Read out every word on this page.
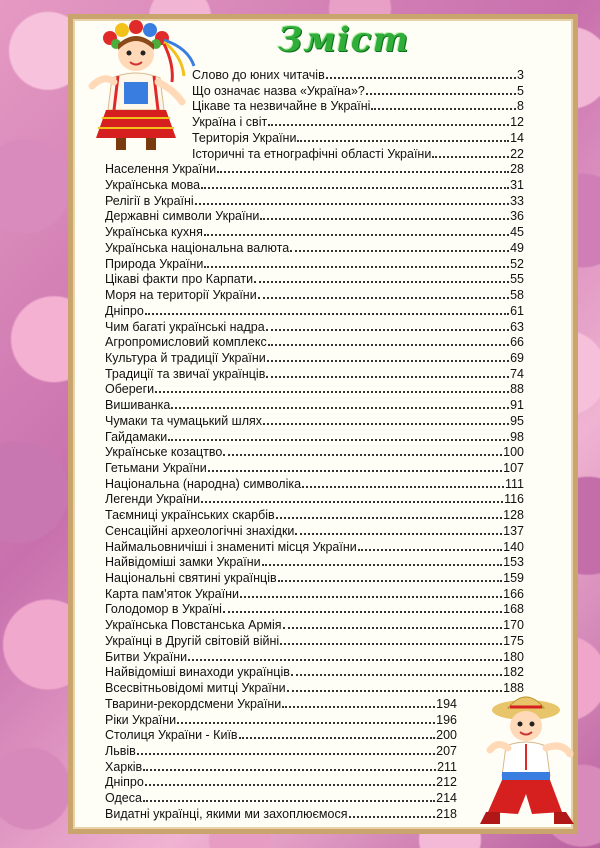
Зміст
Слово до юних читачів	3
Що означає назва «Україна»?	5
Цікаве та незвичайне в Україні	8
Україна і світ	12
Територія України	14
Історичні та етнографічні області України	22
Населення України	28
Українська мова	31
Релігії в Україні	33
Державні символи України	36
Українська кухня	45
Українська національна валюта	49
Природа України	52
Цікаві факти про Карпати	55
Моря на території України	58
Дніпро	61
Чим багаті українські надра	63
Агропромисловий комплекс	66
Культура й традиції України	69
Традиції та звичаї українців	74
Обереги	88
Вишиванка	91
Чумаки та чумацький шлях	95
Гайдамаки	98
Українське козацтво	100
Гетьмани України	107
Національна (народна) символіка	111
Легенди України	116
Таємниці українських скарбів	128
Сенсаційні археологічні знахідки	137
Наймальовничіші і знамениті місця України	140
Найвідоміші замки України	153
Національні святині українців	159
Карта пам'яток України	166
Голодомор в Україні	168
Українська Повстанська Армія	170
Українці в Другій світовій війні	175
Битви України	180
Найвідоміші винаходи українців	182
Всесвітньовідомі митці України	188
Тварини-рекордсмени України	194
Ріки України	196
Столиця України - Київ	200
Львів	207
Харків	211
Дніпро	212
Одеса	214
Видатні українці, якими ми захоплюємося	218
